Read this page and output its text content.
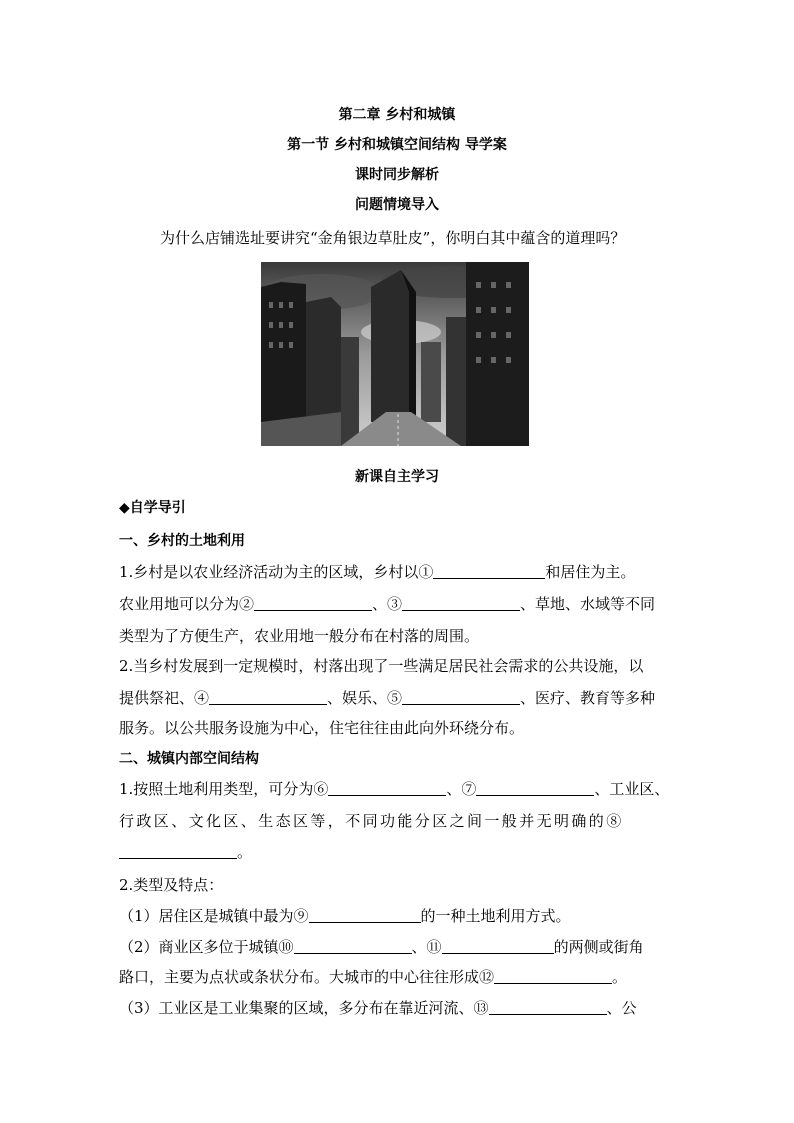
第二章 乡村和城镇
第一节 乡村和城镇空间结构 导学案
课时同步解析
问题情境导入
为什么店铺选址要讲究“金角银边草肚皮”，你明白其中蕴含的道理吗？
新课自主学习
◆自学导引
一、乡村的土地利用
1.乡村是以农业经济活动为主的区域，乡村以①	和居住为主。
农业用地可以分为②	、③	、草地、水域等不同
类型为了方便生产，农业用地一般分布在村落的周围。
2.当乡村发展到一定规模时，村落出现了一些满足居民社会需求的公共设施，以
提供祭祀、④	、娱乐、⑤	、医疗、教育等多种
服务。以公共服务设施为中心，住宅往往由此向外环绕分布。
二、城镇内部空间结构
1.按照土地利用类型，可分为⑥	、⑦	、工业区、
行政区、文化区、生态区等，不同功能分区之间一般并无明确的⑧
。
2.类型及特点：
（1）居住区是城镇中最为⑨	的一种土地利用方式。
（2）商业区多位于城镇⑩	、⑪	的两侧或街角
路口，主要为点状或条状分布。大城市的中心往往形成⑫	。
（3）工业区是工业集聚的区域，多分布在靠近河流、⑬	、公
